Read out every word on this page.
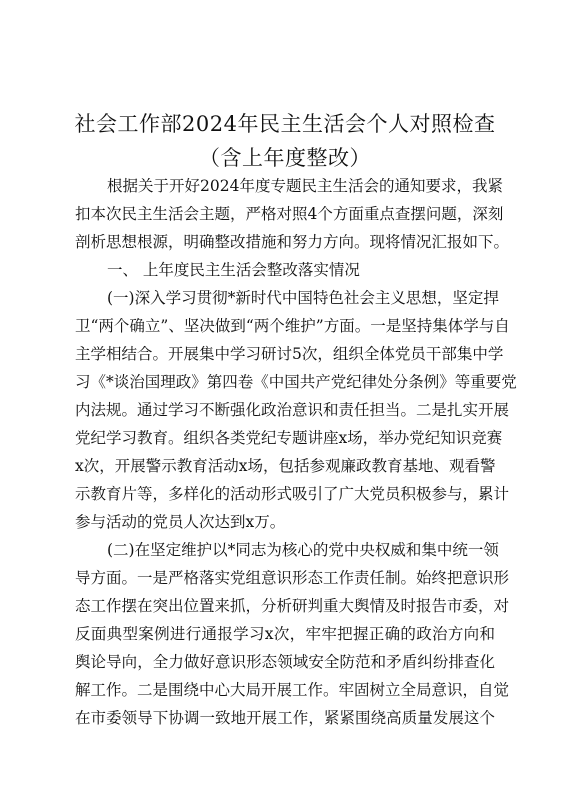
社会工作部2024年民主生活会个人对照检查
（含上年度整改）

根据关于开好2024年度专题民主生活会的通知要求，我紧

扣本次民主生活会主题，严格对照4个方面重点查摆问题，深刻

剖析思想根源，明确整改措施和努力方向。现将情况汇报如下。

一、 上年度民主生活会整改落实情况

(一)深入学习贯彻*新时代中国特色社会主义思想，坚定捍

卫“两个确立”、坚决做到“两个维护”方面。一是坚持集体学与自

主学相结合。开展集中学习研讨5次，组织全体党员干部集中学

习《*谈治国理政》第四卷《中国共产党纪律处分条例》等重要党

内法规。通过学习不断强化政治意识和责任担当。二是扎实开展

党纪学习教育。组织各类党纪专题讲座x场，举办党纪知识竞赛

x次，开展警示教育活动x场，包括参观廉政教育基地、观看警

示教育片等，多样化的活动形式吸引了广大党员积极参与，累计

参与活动的党员人次达到x万。

(二)在坚定维护以*同志为核心的党中央权威和集中统一领

导方面。一是严格落实党组意识形态工作责任制。始终把意识形

态工作摆在突出位置来抓，分析研判重大舆情及时报告市委，对

反面典型案例进行通报学习x次，牢牢把握正确的政治方向和

舆论导向，全力做好意识形态领域安全防范和矛盾纠纷排查化

解工作。二是围绕中心大局开展工作。牢固树立全局意识，自觉

在市委领导下协调一致地开展工作，紧紧围绕高质量发展这个
